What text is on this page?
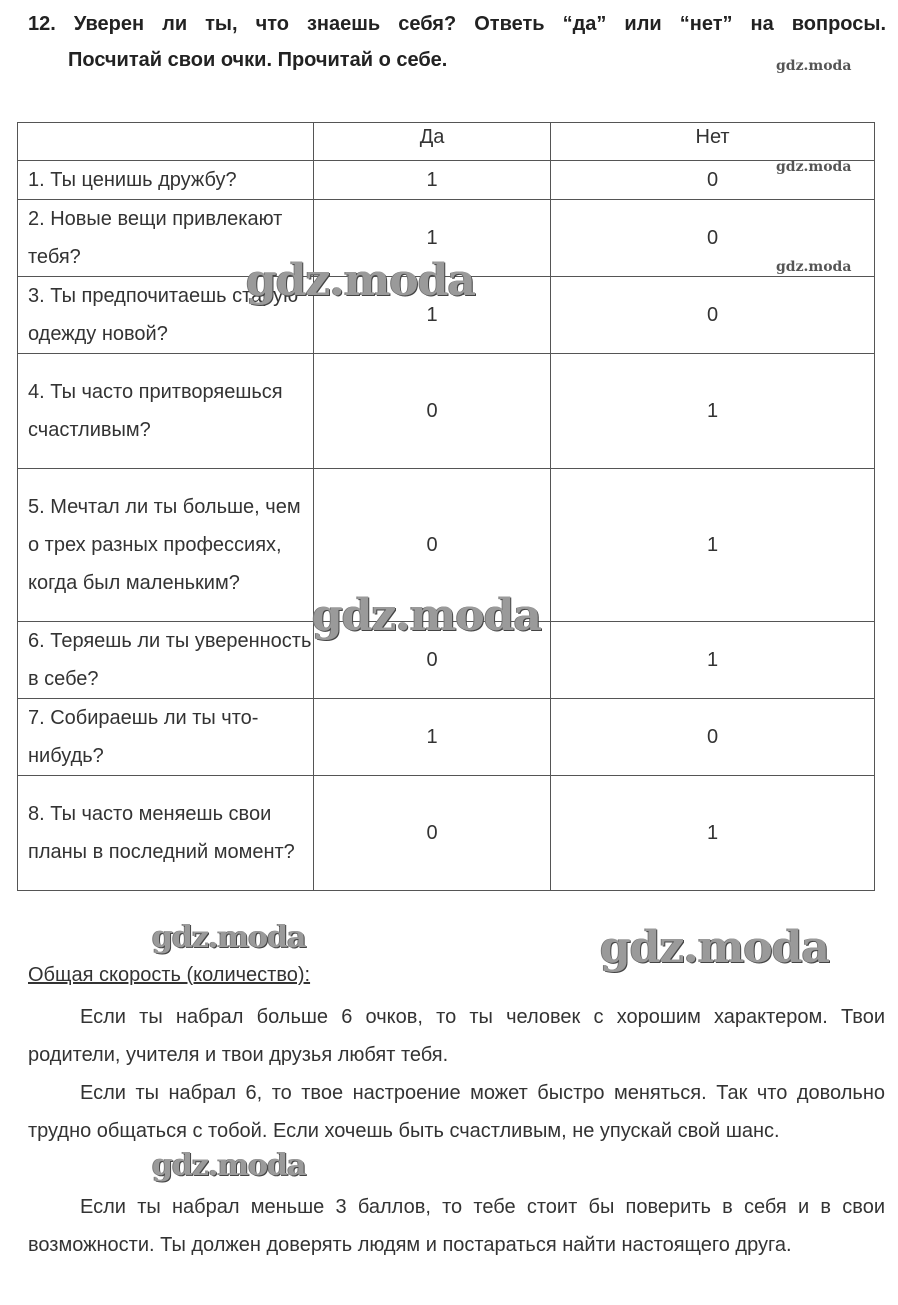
12. Уверен ли ты, что знаешь себя? Ответь “да” или “нет” на вопросы.
Посчитай свои очки. Прочитай о себе.
	Да	Нет
1. Ты ценишь дружбу?	1	0
2. Новые вещи привлекают тебя?	1	0
3. Ты предпочитаешь старую одежду новой?	1	0
4. Ты часто притворяешься счастливым?	0	1
5. Мечтал ли ты больше, чем о трех разных профессиях, когда был маленьким?	0	1
6. Теряешь ли ты уверенность в себе?	0	1
7. Собираешь ли ты что-нибудь?	1	0
8. Ты часто меняешь свои планы в последний момент?	0	1
Общая скорость (количество):

Если ты набрал больше 6 очков, то ты человек с хорошим характером. Твои родители, учителя и твои друзья любят тебя.

Если ты набрал 6, то твое настроение может быстро меняться. Так что довольно трудно общаться с тобой. Если хочешь быть счастливым, не упускай свой шанс.

Если ты набрал меньше 3 баллов, то тебе стоит бы поверить в себя и в свои возможности. Ты должен доверять людям и постараться найти настоящего друга.

gdz.moda
gdz.moda
gdz.moda
gdz.moda
gdz.moda
gdz.moda	gdz.moda
gdz.moda
